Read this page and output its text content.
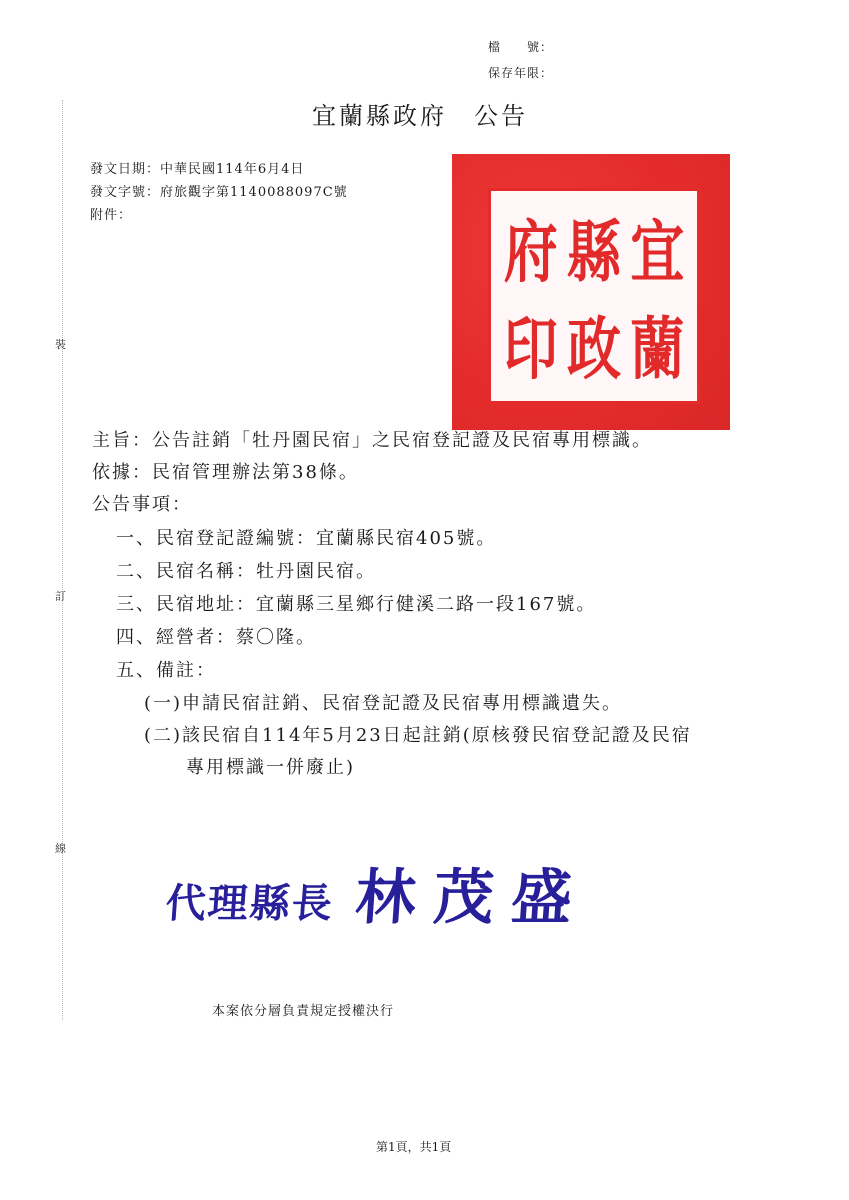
裝
訂
線
檔　　號：
保存年限：
宜蘭縣政府　公告
發文日期：中華民國114年6月4日
發文字號：府旅觀字第1140088097C號
附件：	宜
蘭
縣
政
府
印
主旨：公告註銷「牡丹園民宿」之民宿登記證及民宿專用標識。
依據：民宿管理辦法第38條。
公告事項：
一、民宿登記證編號：宜蘭縣民宿405號。
二、民宿名稱：牡丹園民宿。
三、民宿地址：宜蘭縣三星鄉行健溪二路一段167號。
四、經營者：蔡〇隆。
五、備註：
(一)申請民宿註銷、民宿登記證及民宿專用標識遺失。
(二)該民宿自114年5月23日起註銷(原核發民宿登記證及民宿
專用標識一併廢止)
代理縣長 林茂盛
本案依分層負責規定授權決行
第1頁，共1頁
